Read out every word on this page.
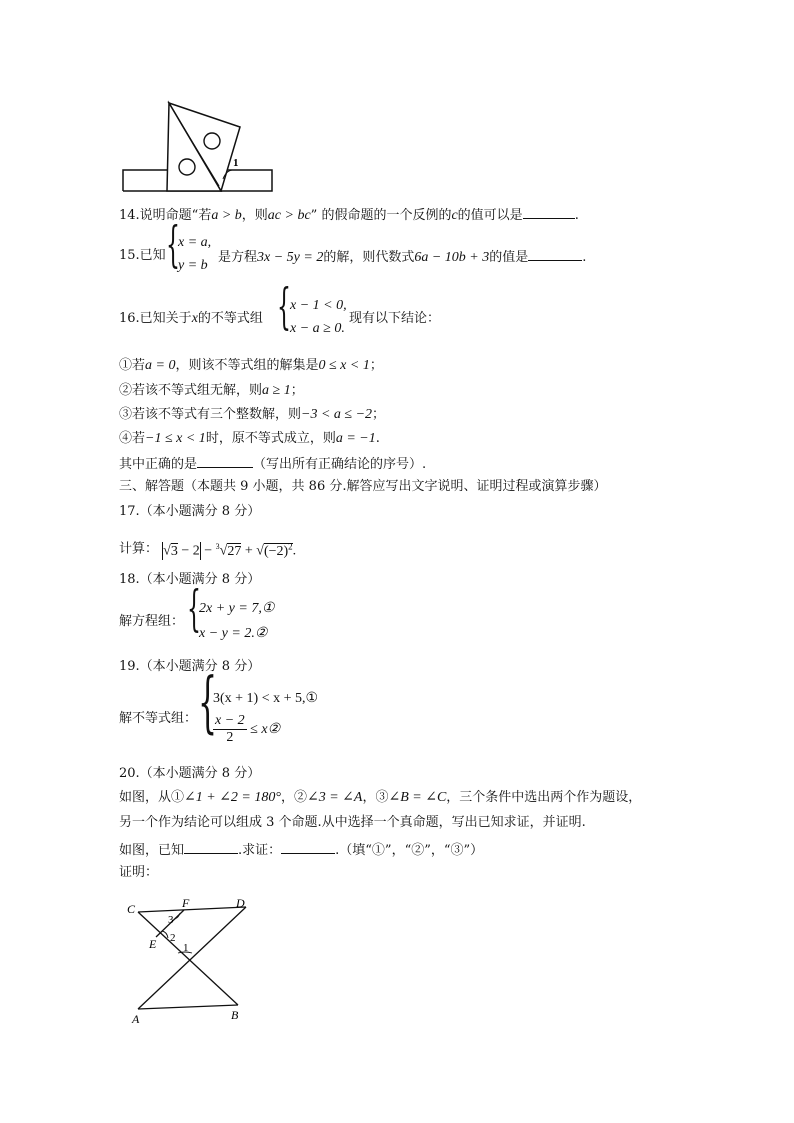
1
14.说明命题“若a > b，则ac > bc” 的假命题的一个反例的c的值可以是	.
15.已知 {
x = a,
y = b
是方程3x − 5y = 2的解，则代数式6a − 10b + 3的值是	.
16.已知关于x的不等式组 { x − 1 < 0,
x − a ≥ 0.
现有以下结论：
①若a = 0，则该不等式组的解集是0 ≤ x < 1；
②若该不等式组无解，则a ≥ 1；
③若该不等式有三个整数解，则−3 < a ≤ −2；
④若−1 ≤ x < 1时，原不等式成立，则a = −1.
其中正确的是	（写出所有正确结论的序号）.
三、解答题（本题共 9 小题，共 86 分.解答应写出文字说明、证明过程或演算步骤）
17.（本小题满分 8 分）
计算： $√3 - 2 - ^3√27 + √(-2)^2$.
18.（本小题满分 8 分）
解方程组： {
2x + y = 7,①
x − y = 2.②
19.（本小题满分 8 分）
解不等式组： {
3(x + 1) < x + 5,①
$\frac{x - 2}{2}$ ≤ x②
20.（本小题满分 8 分）
如图，从①∠1 + ∠2 = 180°，②∠3 = ∠A，③∠B = ∠C，三个条件中选出两个作为题设，
另一个作为结论可以组成 3 个命题.从中选择一个真命题，写出已知求证，并证明.
如图，已知	.求证：	.（填“①”，“②”，“③”）
证明：
C	F	D
E
A	B
3
2
1
